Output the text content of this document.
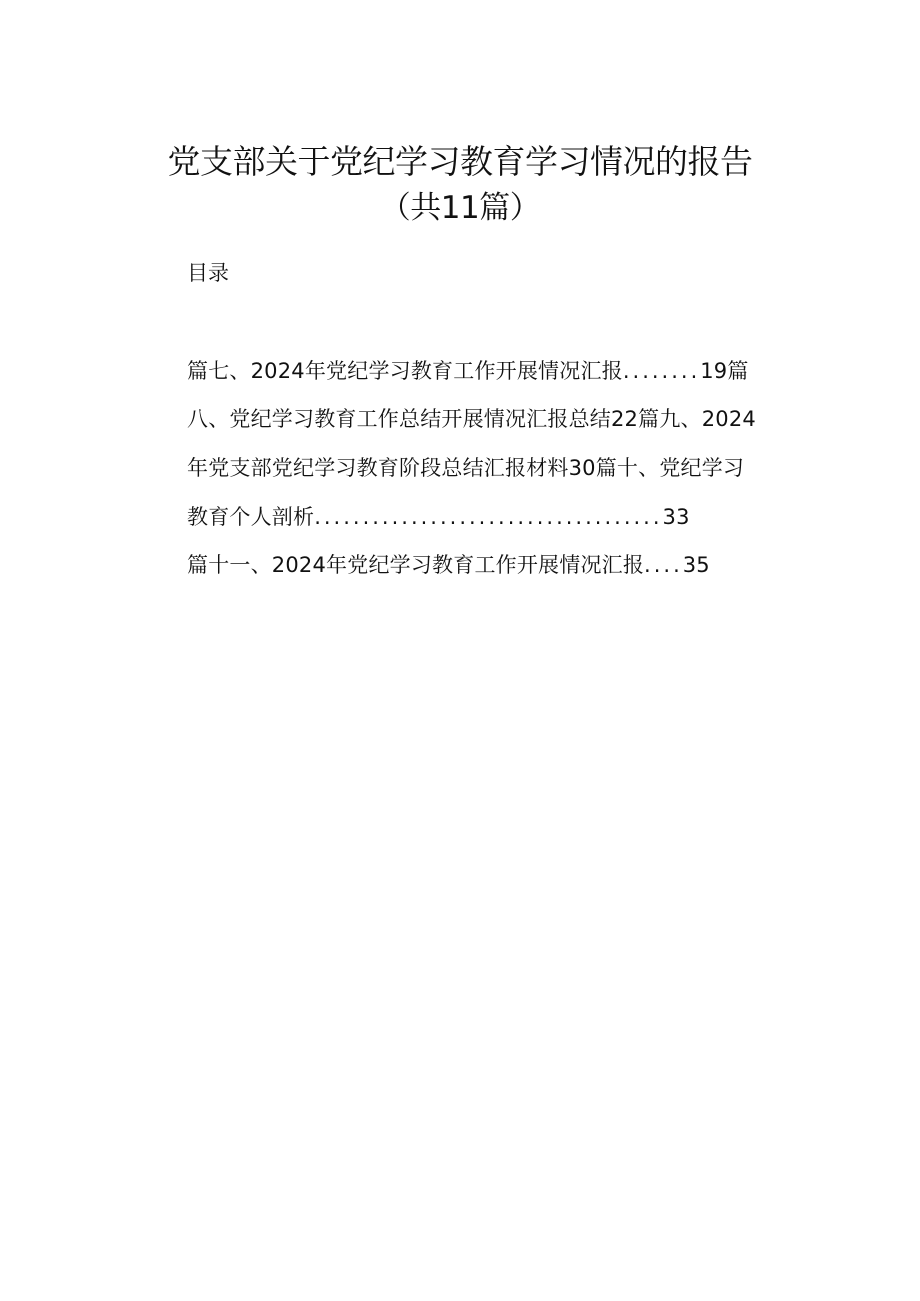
党支部关于党纪学习教育学习情况的报告
（共11篇）
目录
篇七、2024年党纪学习教育工作开展情况汇报........19篇
八、党纪学习教育工作总结开展情况汇报总结22篇九、2024
年党支部党纪学习教育阶段总结汇报材料30篇十、党纪学习
教育个人剖析....................................33
篇十一、2024年党纪学习教育工作开展情况汇报....35
